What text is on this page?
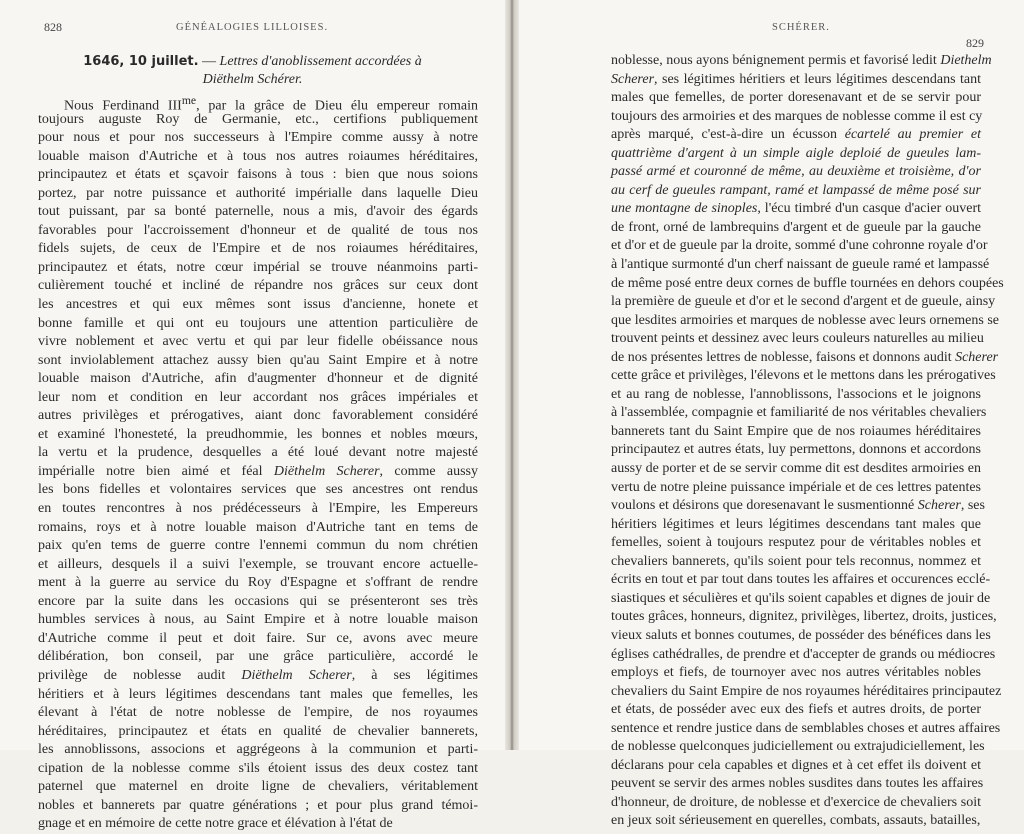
828	GÉNÉALOGIES LILLOISES.
1646, 10 juillet. — Lettres d'anoblissement accordées à
Diëthelm Schérer.
Nous Ferdinand $III^{me}$, par la grâce de Dieu élu empereur romain
toujours auguste Roy de Germanie, etc., certifions publiquement
pour nous et pour nos successeurs à l'Empire comme aussy à notre
louable maison d'Autriche et à tous nos autres roiaumes héréditaires,
principautez et états et sçavoir faisons à tous : bien que nous soions
portez, par notre puissance et authorité impérialle dans laquelle Dieu
tout puissant, par sa bonté paternelle, nous a mis, d'avoir des égards
favorables pour l'accroissement d'honneur et de qualité de tous nos
fidels sujets, de ceux de l'Empire et de nos roiaumes héréditaires,
principautez et états, notre cœur impérial se trouve néanmoins parti-
culièrement touché et incliné de répandre nos grâces sur ceux dont
les ancestres et qui eux mêmes sont issus d'ancienne, honete et
bonne famille et qui ont eu toujours une attention particulière de
vivre noblement et avec vertu et qui par leur fidelle obéissance nous
sont inviolablement attachez aussy bien qu'au Saint Empire et à notre
louable maison d'Autriche, afin d'augmenter d'honneur et de dignité
leur nom et condition en leur accordant nos grâces impériales et
autres privilèges et prérogatives, aiant donc favorablement considéré
et examiné l'honesteté, la preudhommie, les bonnes et nobles mœurs,
la vertu et la prudence, desquelles a été loué devant notre majesté
impérialle notre bien aimé et féal Diëthelm Scherer, comme aussy
les bons fidelles et volontaires services que ses ancestres ont rendus
en toutes rencontres à nos prédécesseurs à l'Empire, les Empereurs
romains, roys et à notre louable maison d'Autriche tant en tems de
paix qu'en tems de guerre contre l'ennemi commun du nom chrétien
et ailleurs, desquels il a suivi l'exemple, se trouvant encore actuelle-
ment à la guerre au service du Roy d'Espagne et s'offrant de rendre
encore par la suite dans les occasions qui se présenteront ses très
humbles services à nous, au Saint Empire et à notre louable maison
d'Autriche comme il peut et doit faire. Sur ce, avons avec meure
délibération, bon conseil, par une grâce particulière, accordé le
privilège de noblesse audit Diëthelm Scherer, à ses légitimes
héritiers et à leurs légitimes descendans tant males que femelles, les
élevant à l'état de notre noblesse de l'empire, de nos royaumes
héréditaires, principautez et états en qualité de chevalier bannerets,
les annoblissons, associons et aggrégeons à la communion et parti-
cipation de la noblesse comme s'ils étoient issus des deux costez tant
paternel que maternel en droite ligne de chevaliers, véritablement
nobles et bannerets par quatre générations ; et pour plus grand témoi-
gnage et en mémoire de cette notre grace et élévation à l'état de
SCHÉRER.
829
noblesse, nous ayons bénignement permis et favorisé ledit Diethelm
Scherer, ses légitimes héritiers et leurs légitimes descendans tant
males que femelles, de porter doresenavant et de se servir pour
toujours des armoiries et des marques de noblesse comme il est cy
après marqué, c'est-à-dire un écusson écartelé au premier et
quattrième d'argent à un simple aigle deploié de gueules lam-
passé armé et couronné de même, au deuxième et troisième, d'or
au cerf de gueules rampant, ramé et lampassé de même posé sur
une montagne de sinoples, l'écu timbré d'un casque d'acier ouvert
de front, orné de lambrequins d'argent et de gueule par la gauche
et d'or et de gueule par la droite, sommé d'une cohronne royale d'or
à l'antique surmonté d'un cherf naissant de gueule ramé et lampassé
de même posé entre deux cornes de buffle tournées en dehors coupées
la première de gueule et d'or et le second d'argent et de gueule, ainsy
que lesdites armoiries et marques de noblesse avec leurs ornemens se
trouvent peints et dessinez avec leurs couleurs naturelles au milieu
de nos présentes lettres de noblesse, faisons et donnons audit Scherer
cette grâce et privilèges, l'élevons et le mettons dans les prérogatives
et au rang de noblesse, l'annoblissons, l'associons et le joignons
à l'assemblée, compagnie et familiarité de nos véritables chevaliers
bannerets tant du Saint Empire que de nos roiaumes héréditaires
principautez et autres états, luy permettons, donnons et accordons
aussy de porter et de se servir comme dit est desdites armoiries en
vertu de notre pleine puissance impériale et de ces lettres patentes
voulons et désirons que doresenavant le susmentionné Scherer, ses
héritiers légitimes et leurs légitimes descendans tant males que
femelles, soient à toujours resputez pour de véritables nobles et
chevaliers bannerets, qu'ils soient pour tels reconnus, nommez et
écrits en tout et par tout dans toutes les affaires et occurences ecclé-
siastiques et séculières et qu'ils soient capables et dignes de jouir de
toutes grâces, honneurs, dignitez, privilèges, libertez, droits, justices,
vieux saluts et bonnes coutumes, de posséder des bénéfices dans les
églises cathédralles, de prendre et d'accepter de grands ou médiocres
employs et fiefs, de tournoyer avec nos autres véritables nobles
chevaliers du Saint Empire de nos royaumes héréditaires principautez
et états, de posséder avec eux des fiefs et autres droits, de porter
sentence et rendre justice dans de semblables choses et autres affaires
de noblesse quelconques judiciellement ou extrajudiciellement, les
déclarans pour cela capables et dignes et à cet effet ils doivent et
peuvent se servir des armes nobles susdites dans toutes les affaires
d'honneur, de droiture, de noblesse et d'exercice de chevaliers soit
en jeux soit sérieusement en querelles, combats, assauts, batailles,
